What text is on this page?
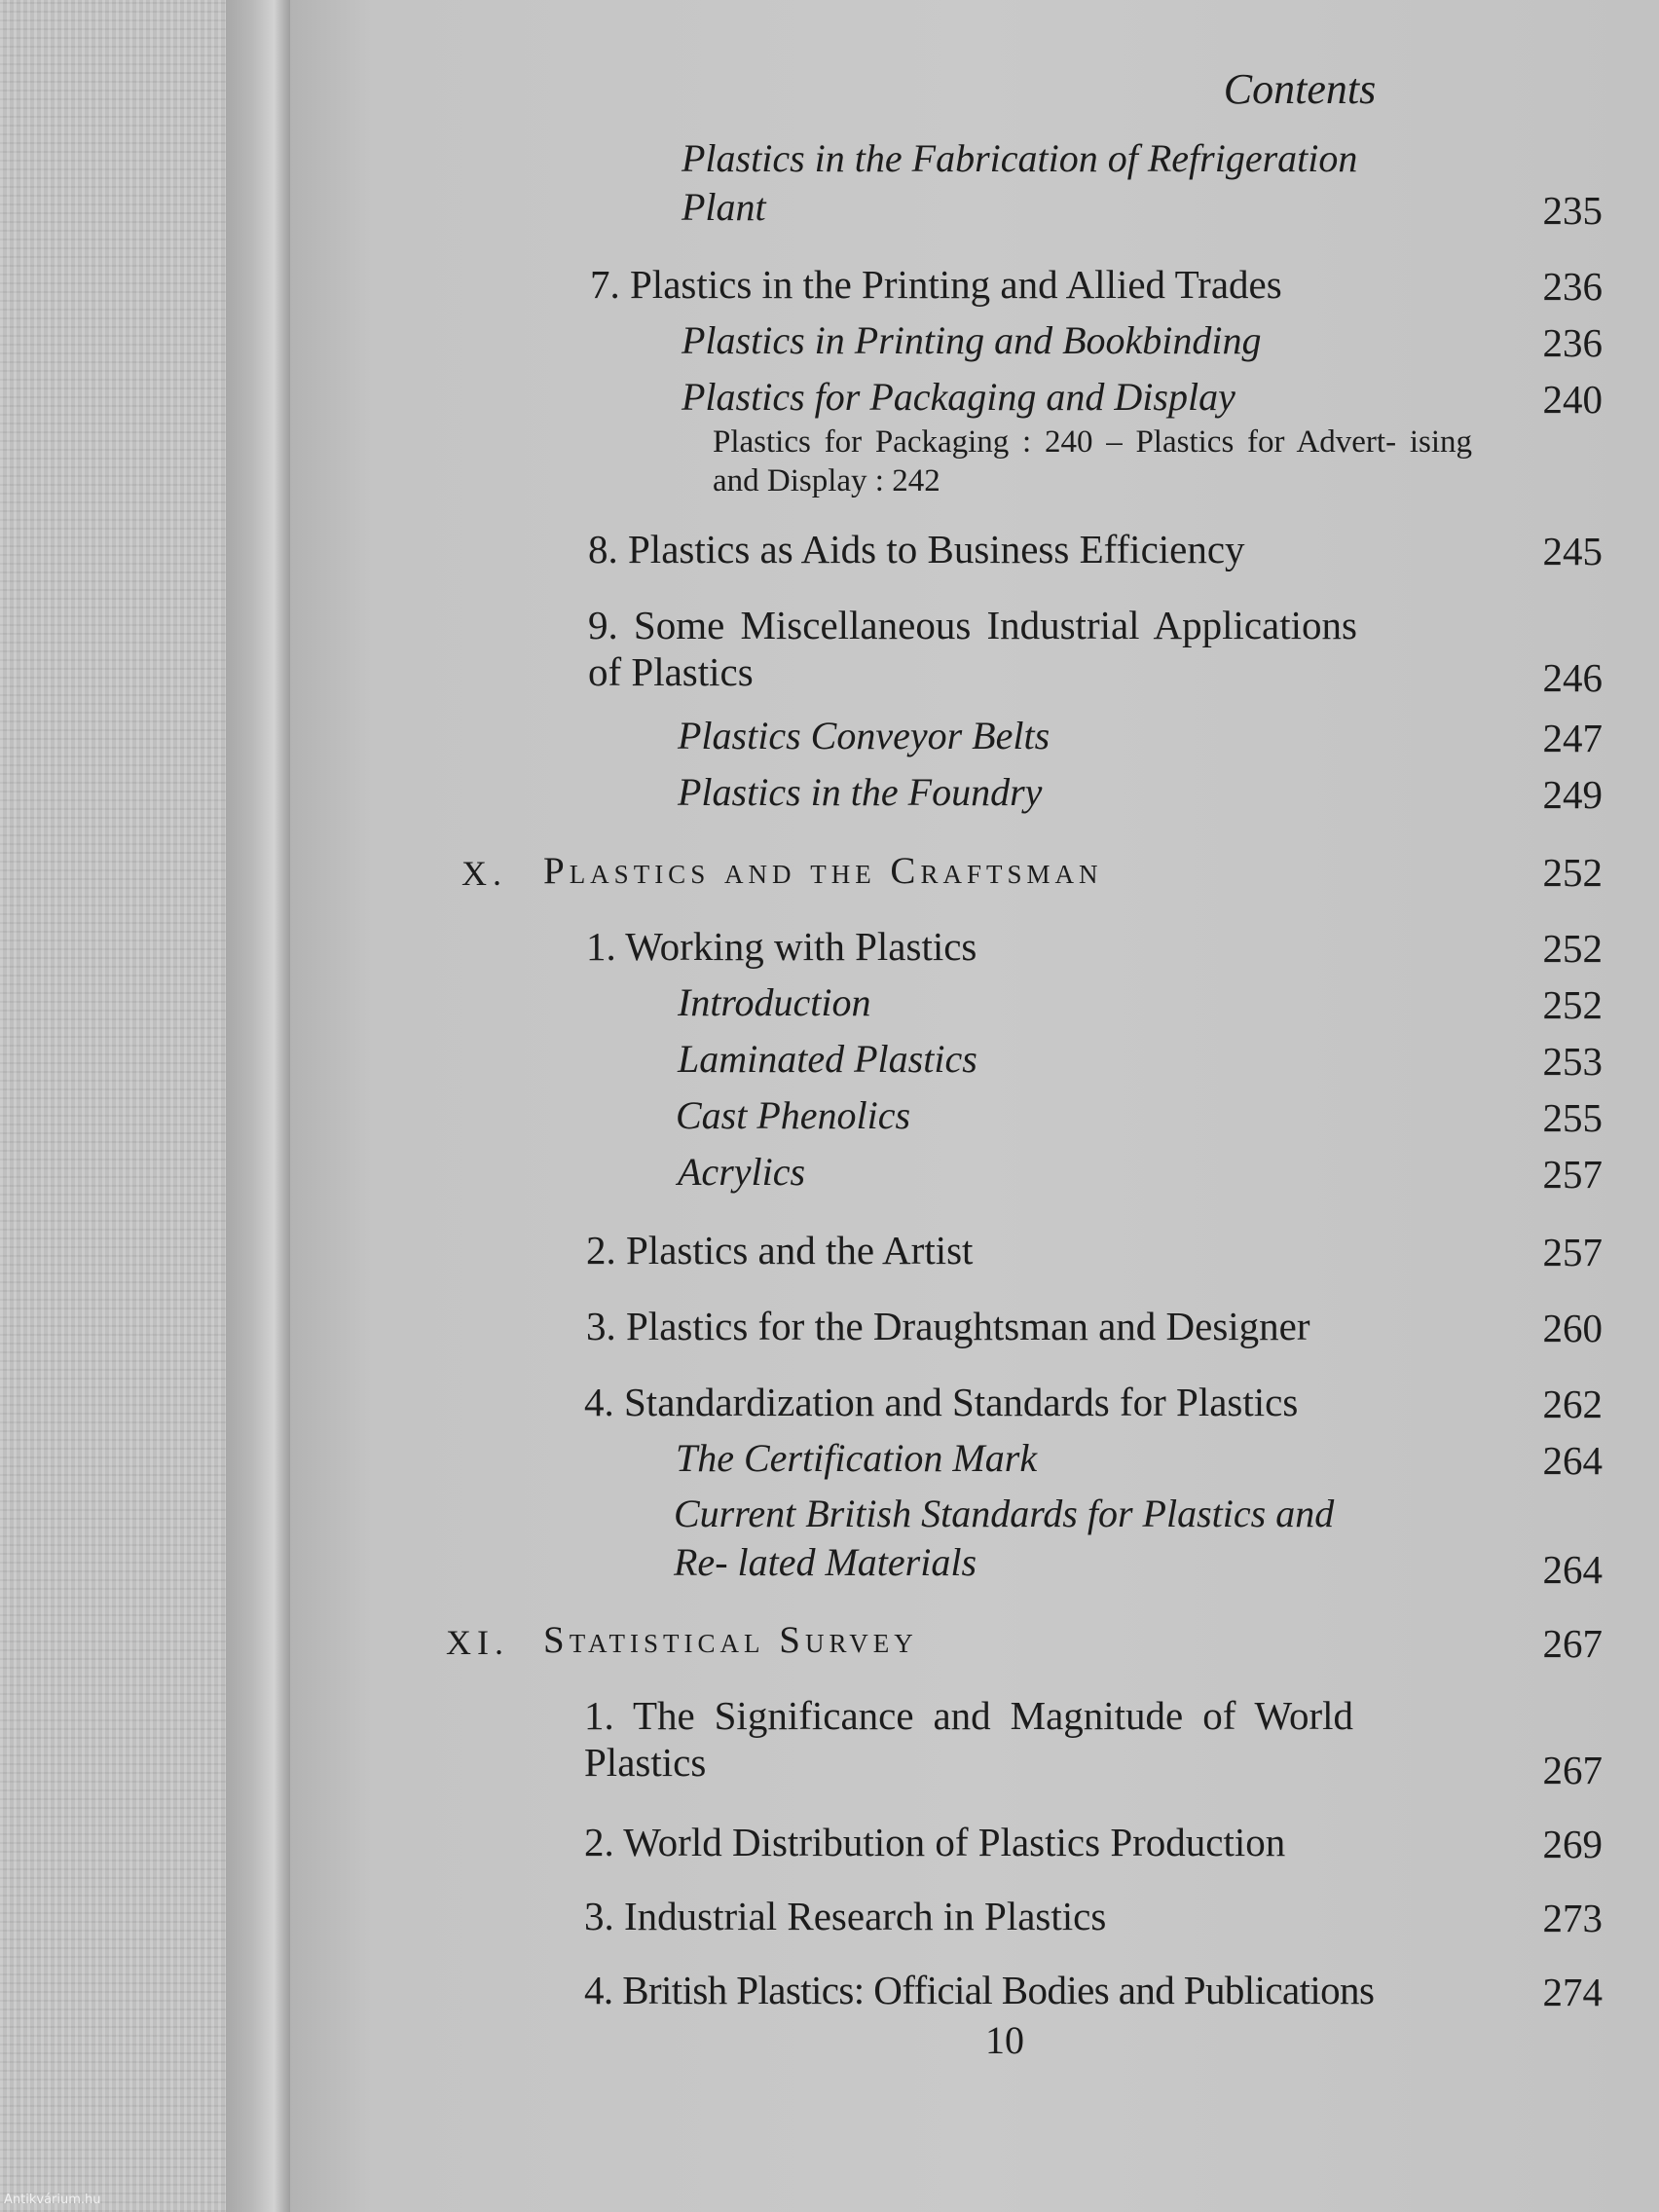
Contents
Plastics in the Fabrication of Refrigeration Plant	235
7. Plastics in the Printing and Allied Trades	236
Plastics in Printing and Bookbinding	236
Plastics for Packaging and Display	240
Plastics for Packaging : 240 – Plastics for Advert- ising and Display : 242
8. Plastics as Aids to Business Efficiency	245
9. Some Miscellaneous Industrial Applications of Plastics	246
Plastics Conveyor Belts	247
Plastics in the Foundry	249
X. Plastics and the Craftsman	252
1. Working with Plastics	252
Introduction	252
Laminated Plastics	253
Cast Phenolics	255
Acrylics	257
2. Plastics and the Artist	257
3. Plastics for the Draughtsman and Designer	260
4. Standardization and Standards for Plastics	262
The Certification Mark	264
Current British Standards for Plastics and Re- lated Materials	264
XI. Statistical Survey	267
1. The Significance and Magnitude of World Plastics	267
2. World Distribution of Plastics Production	269
3. Industrial Research in Plastics	273
4. British Plastics: Official Bodies and Publications	274
10
Antikvárium.hu
